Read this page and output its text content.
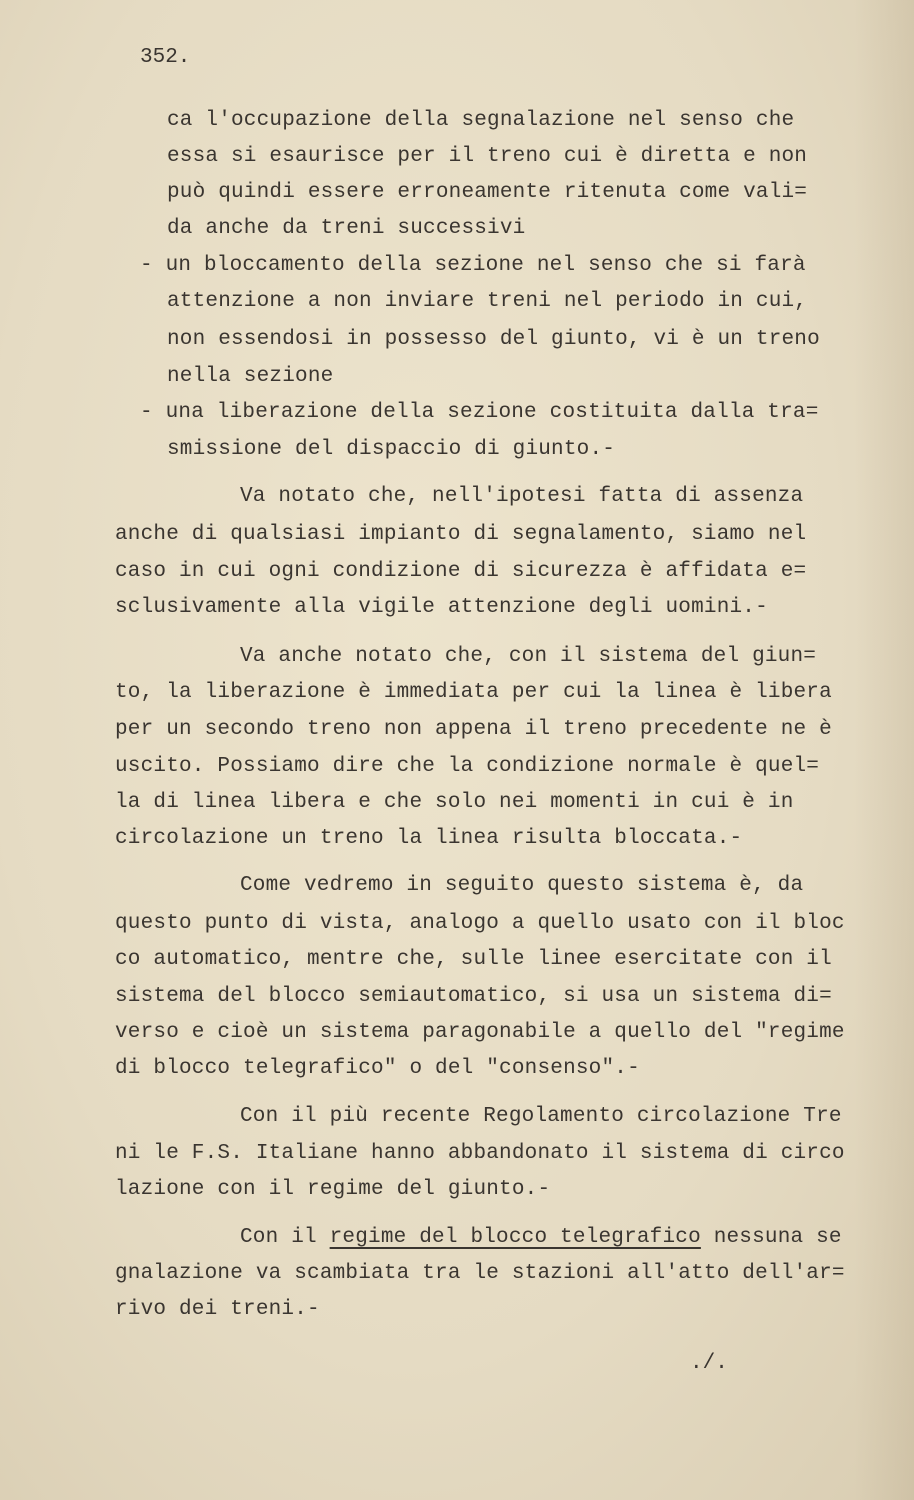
352.
ca l'occupazione della segnalazione nel senso che
essa si esaurisce per il treno cui è diretta e non
può quindi essere erroneamente ritenuta come vali=
da anche da treni successivi
- un bloccamento della sezione nel senso che si farà
attenzione a non inviare treni nel periodo in cui,
non essendosi in possesso del giunto, vi è un treno
nella sezione
- una liberazione della sezione costituita dalla tra=
smissione del dispaccio di giunto.-
Va notato che, nell'ipotesi fatta di assenza
anche di qualsiasi impianto di segnalamento, siamo nel
caso in cui ogni condizione di sicurezza è affidata e=
sclusivamente alla vigile attenzione degli uomini.-
Va anche notato che, con il sistema del giun=
to, la liberazione è immediata per cui la linea è libera
per un secondo treno non appena il treno precedente ne è
uscito. Possiamo dire che la condizione normale è quel=
la di linea libera e che solo nei momenti in cui è in
circolazione un treno la linea risulta bloccata.-
Come vedremo in seguito questo sistema è, da
questo punto di vista, analogo a quello usato con il bloc
co automatico, mentre che, sulle linee esercitate con il
sistema del blocco semiautomatico, si usa un sistema di=
verso e cioè un sistema paragonabile a quello del "regime
di blocco telegrafico" o del "consenso".-
Con il più recente Regolamento circolazione Tre
ni le F.S. Italiane hanno abbandonato il sistema di circo
lazione con il regime del giunto.-
Con il regime del blocco telegrafico nessuna se
gnalazione va scambiata tra le stazioni all'atto dell'ar=
rivo dei treni.-
./.
